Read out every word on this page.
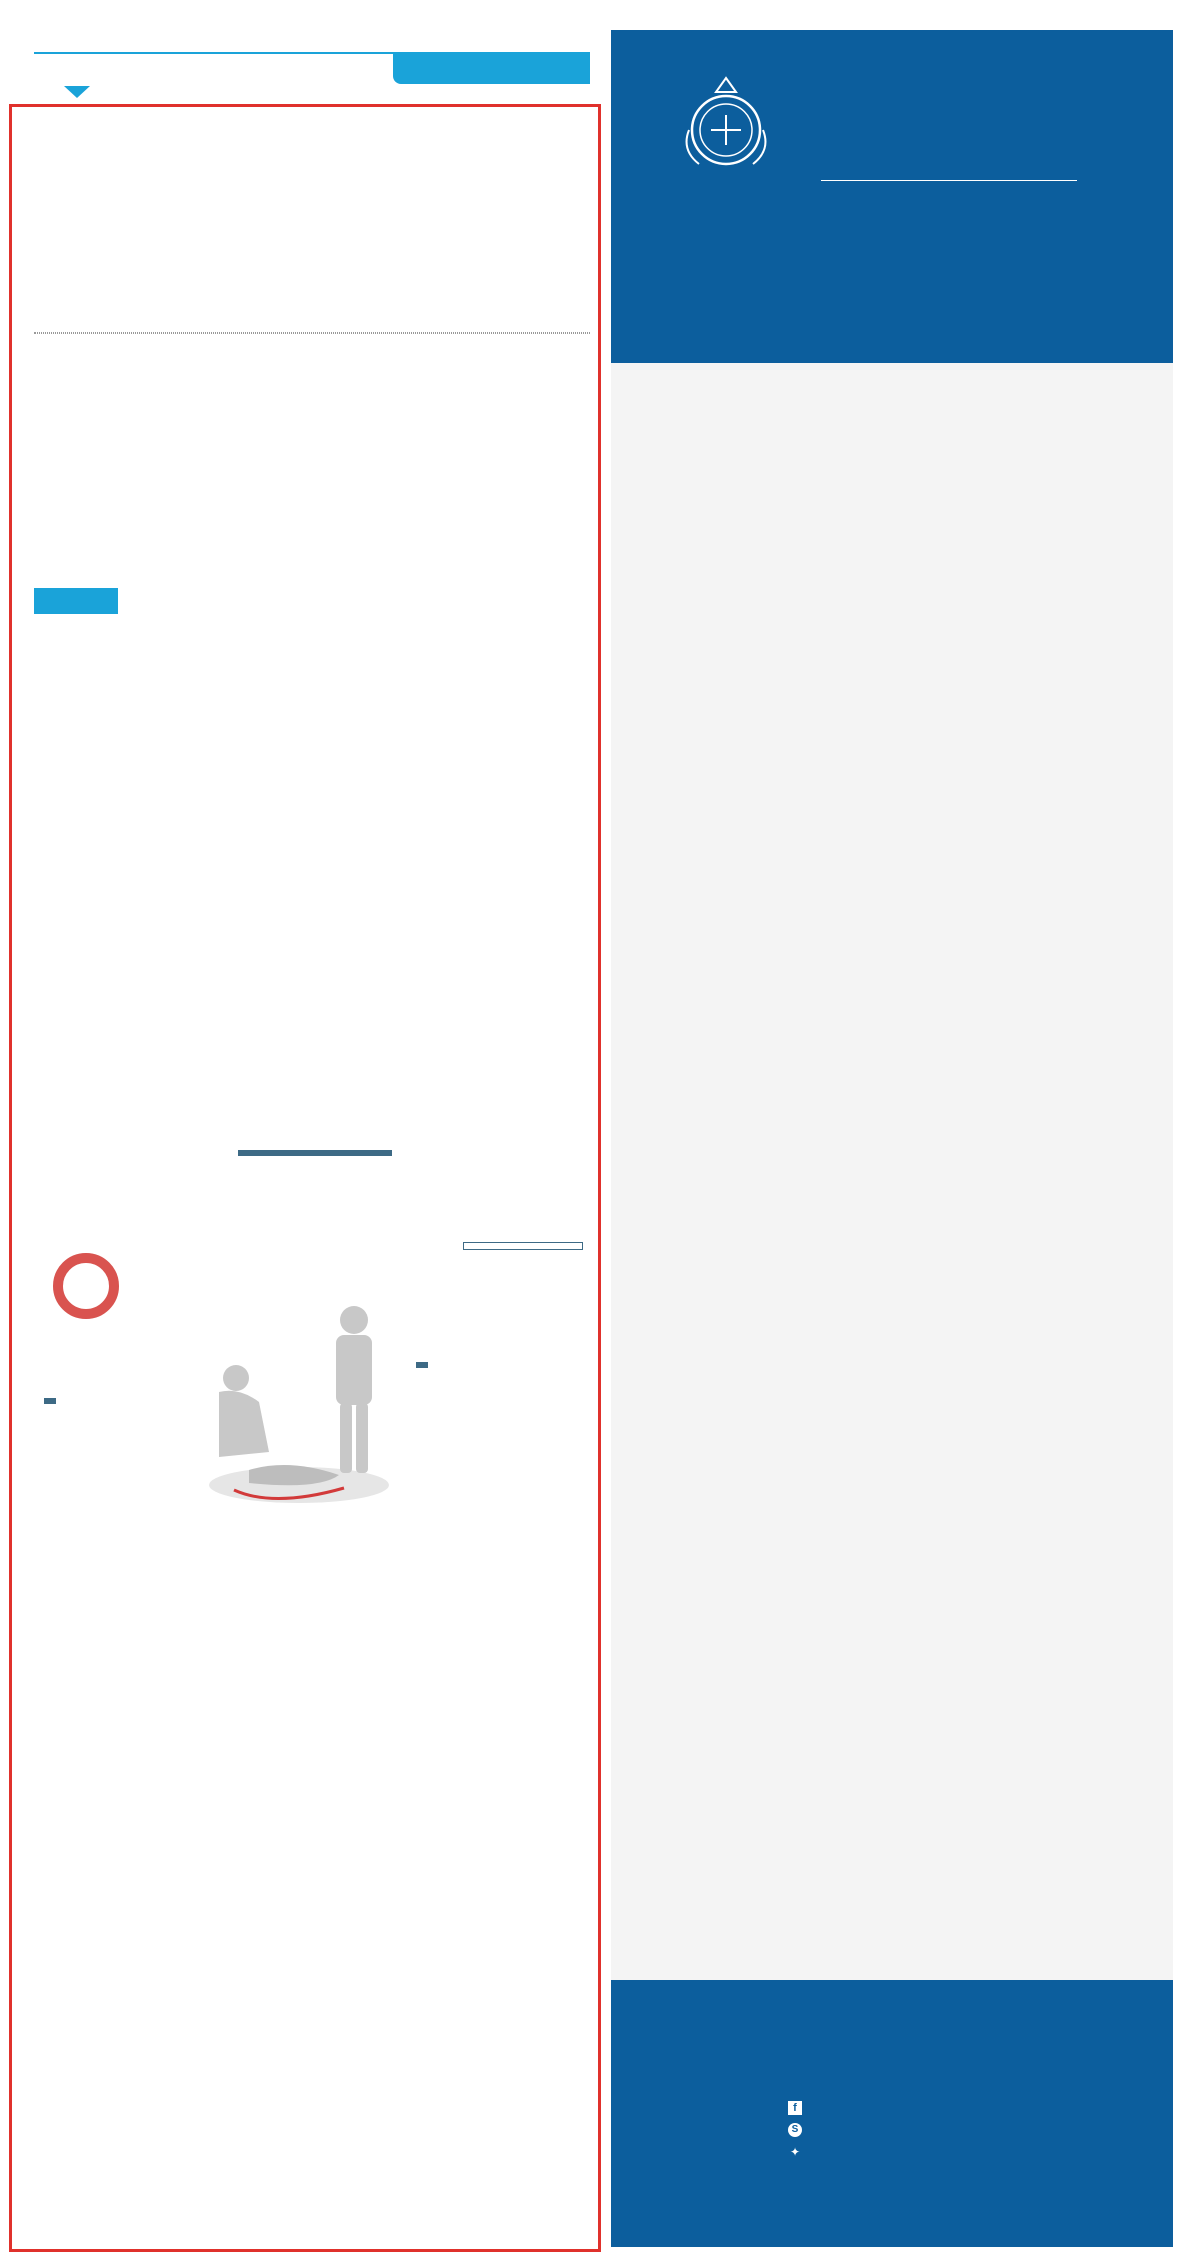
f
S
✦
